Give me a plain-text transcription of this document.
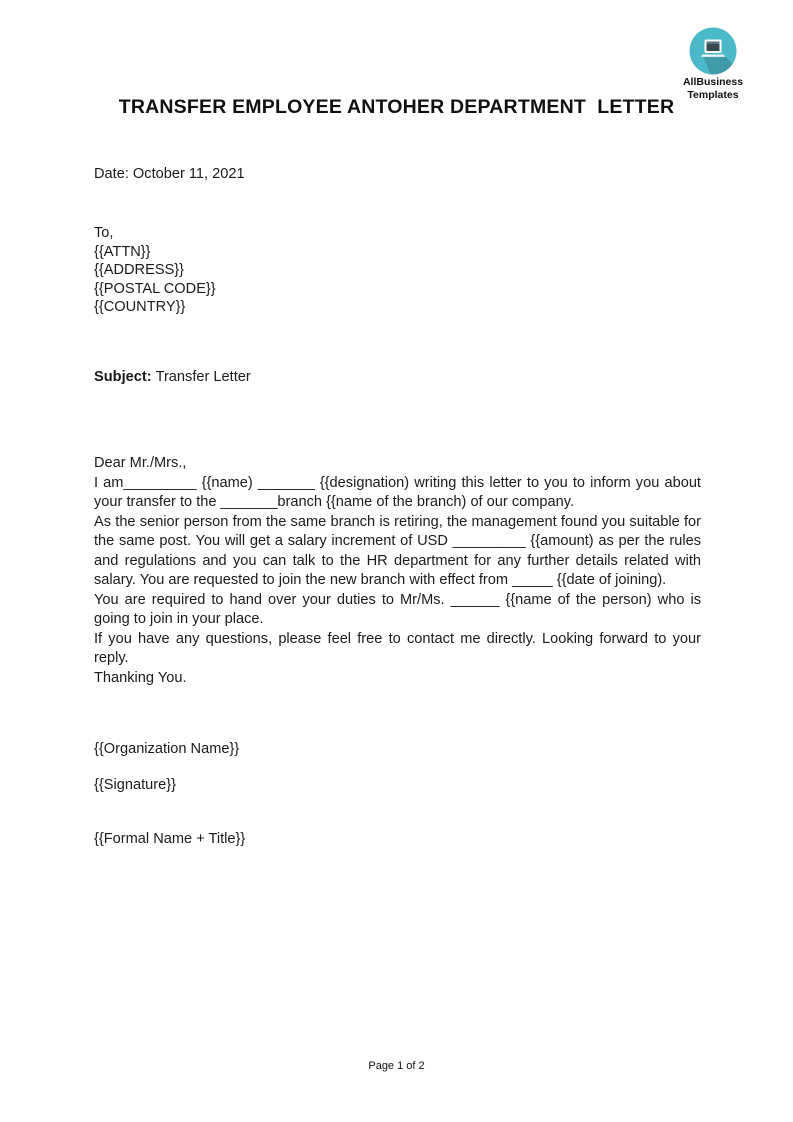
AllBusiness
Templates
TRANSFER EMPLOYEE ANTOHER DEPARTMENT  LETTER
Date: October 11, 2021
To,
{{ATTN}}
{{ADDRESS}}
{{POSTAL CODE}}
{{COUNTRY}}
Subject: Transfer Letter
Dear Mr./Mrs.,

I am_________ {{name) _______ {{designation) writing this letter to you to inform you about your transfer to the _______branch {{name of the branch) of our company.

As the senior person from the same branch is retiring, the management found you suitable for the same post. You will get a salary increment of USD _________ {{amount) as per the rules and regulations and you can talk to the HR department for any further details related with salary. You are requested to join the new branch with effect from _____ {{date of joining).

You are required to hand over your duties to Mr/Ms. ______ {{name of the person) who is going to join in your place.

If you have any questions, please feel free to contact me directly. Looking forward to your reply.

Thanking You.

{{Organization Name}}
{{Signature}}
{{Formal Name + Title}}
Page 1 of 2
